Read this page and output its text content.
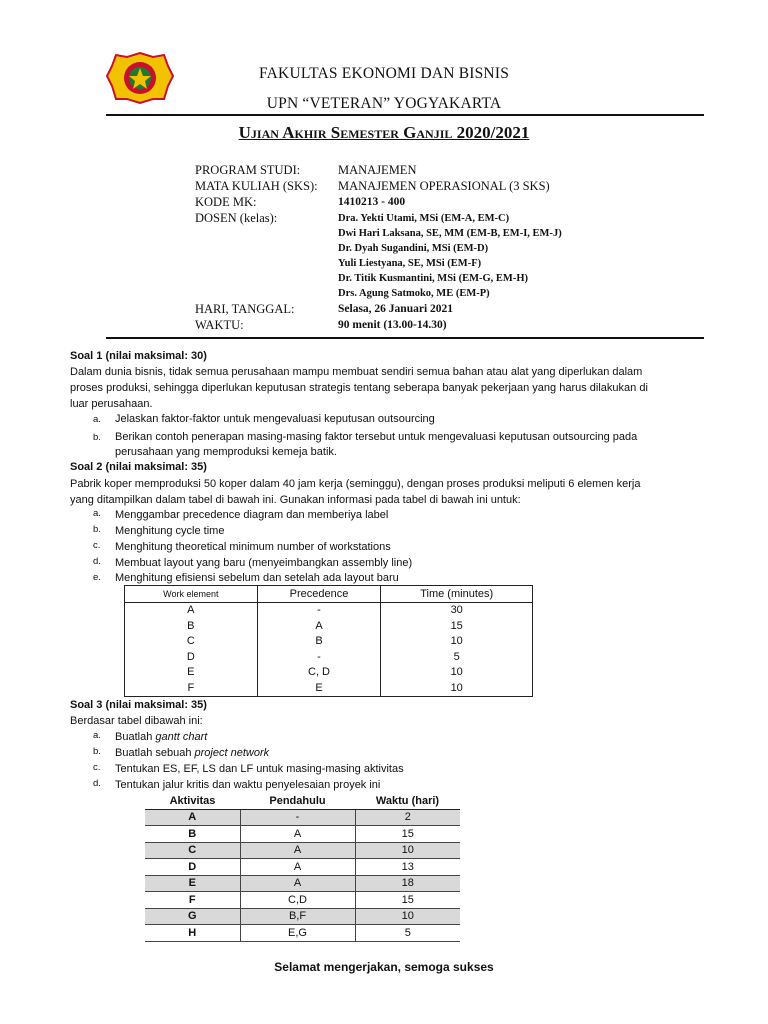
FAKULTAS EKONOMI DAN BISNIS
UPN “VETERAN” YOGYAKARTA
Ujian Akhir Semester Ganjil 2020/2021
PROGRAM STUDI:	MANAJEMEN
MATA KULIAH (SKS): MANAJEMEN OPERASIONAL (3 SKS)
KODE MK:	1410213 - 400
DOSEN (kelas):	Dra. Yekti Utami, MSi (EM-A, EM-C)
Dwi Hari Laksana, SE, MM (EM-B, EM-I, EM-J)
Dr. Dyah Sugandini, MSi (EM-D)
Yuli Liestyana, SE, MSi (EM-F)
Dr. Titik Kusmantini, MSi (EM-G, EM-H)
Drs. Agung Satmoko, ME (EM-P)
HARI, TANGGAL:	Selasa, 26 Januari 2021
WAKTU:	90 menit (13.00-14.30)
Soal 1 (nilai maksimal: 30)
Dalam dunia bisnis, tidak semua perusahaan mampu membuat sendiri semua bahan atau alat yang diperlukan dalam
proses produksi, sehingga diperlukan keputusan strategis tentang seberapa banyak pekerjaan yang harus dilakukan di
luar perusahaan.
a. Jelaskan faktor-faktor untuk mengevaluasi keputusan outsourcing
b. Berikan contoh penerapan masing-masing faktor tersebut untuk mengevaluasi keputusan outsourcing pada
perusahaan yang memproduksi kemeja batik.
Soal 2 (nilai maksimal: 35)
Pabrik koper memproduksi 50 koper dalam 40 jam kerja (seminggu), dengan proses produksi meliputi 6 elemen kerja
yang ditampilkan dalam tabel di bawah ini. Gunakan informasi pada tabel di bawah ini untuk:
a. Menggambar precedence diagram dan memberiya label
b. Menghitung cycle time
c. Menghitung theoretical minimum number of workstations
d. Membuat layout yang baru (menyeimbangkan assembly line)
e. Menghitung efisiensi sebelum dan setelah ada layout baru
Work element	Precedence	Time (minutes)
A	-	30
B	A	15
C	B	10
D	-	5
E	C, D	10
F	E	10
Soal 3 (nilai maksimal: 35)
Berdasar tabel dibawah ini:
a. Buatlah gantt chart
b. Buatlah sebuah project network
c. Tentukan ES, EF, LS dan LF untuk masing-masing aktivitas
d. Tentukan jalur kritis dan waktu penyelesaian proyek ini
Aktivitas	Pendahulu	Waktu (hari)
A	-	2
B	A	15
C	A	10
D	A	13
E	A	18
F	C,D	15
G	B,F	10
H	E,G	5
Selamat mengerjakan, semoga sukses
